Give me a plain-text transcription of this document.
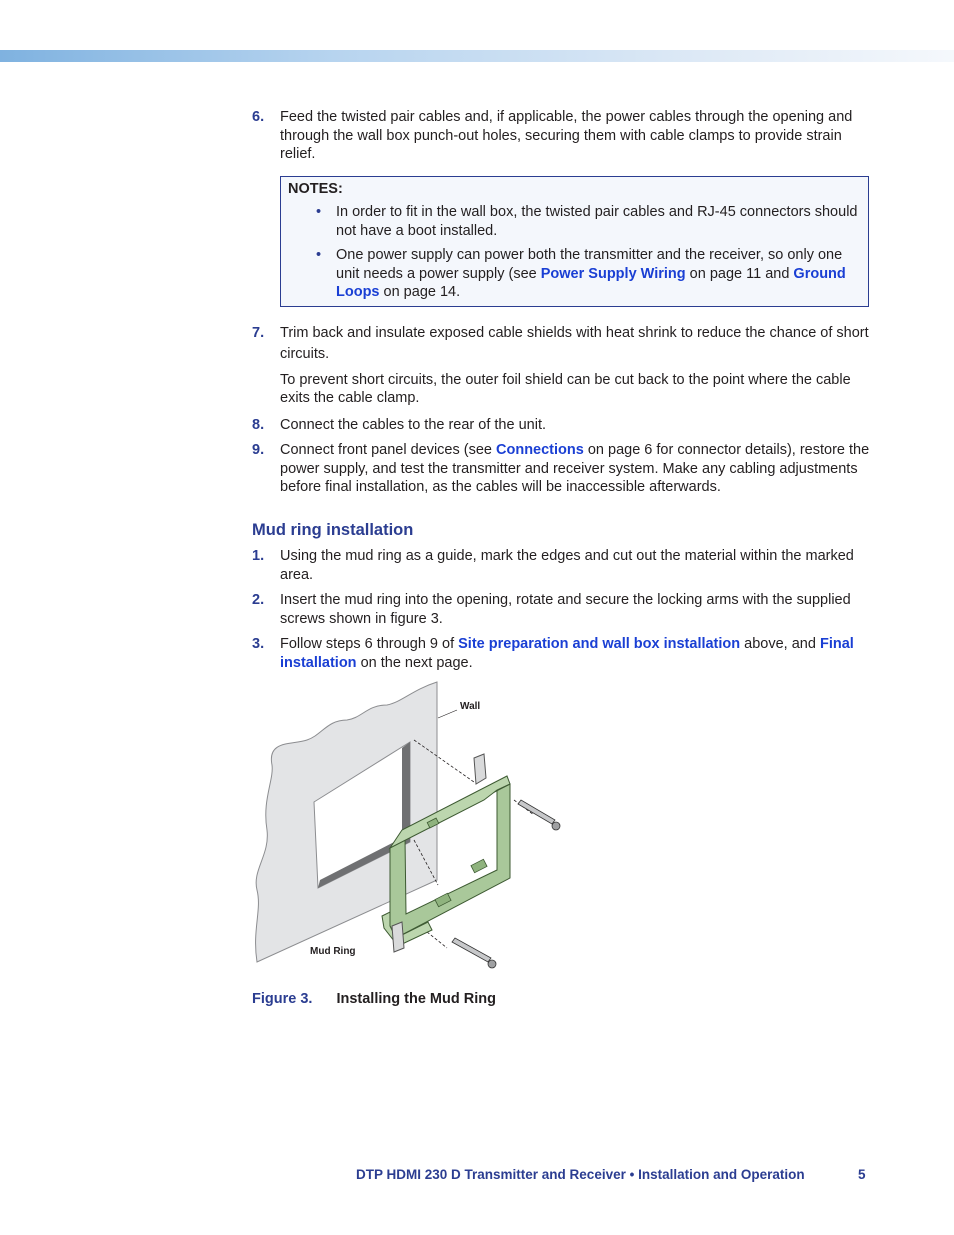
6. Feed the twisted pair cables and, if applicable, the power cables through the opening and through the wall box punch-out holes, securing them with cable clamps to provide strain relief.
NOTES:
• In order to fit in the wall box, the twisted pair cables and RJ-45 connectors should not have a boot installed.
• One power supply can power both the transmitter and the receiver, so only one unit needs a power supply (see Power Supply Wiring on page 11 and Ground Loops on page 14.
7. Trim back and insulate exposed cable shields with heat shrink to reduce the chance of short circuits.
To prevent short circuits, the outer foil shield can be cut back to the point where the cable exits the cable clamp.
8. Connect the cables to the rear of the unit.
9. Connect front panel devices (see Connections on page 6 for connector details), restore the power supply, and test the transmitter and receiver system. Make any cabling adjustments before final installation, as the cables will be inaccessible afterwards.
Mud ring installation
1. Using the mud ring as a guide, mark the edges and cut out the material within the marked area.
2. Insert the mud ring into the opening, rotate and secure the locking arms with the supplied screws shown in figure 3.
3. Follow steps 6 through 9 of Site preparation and wall box installation above, and Final installation on the next page.
Wall
Mud Ring
Figure 3. Installing the Mud Ring
DTP HDMI 230 D Transmitter and Receiver • Installation and Operation	5
